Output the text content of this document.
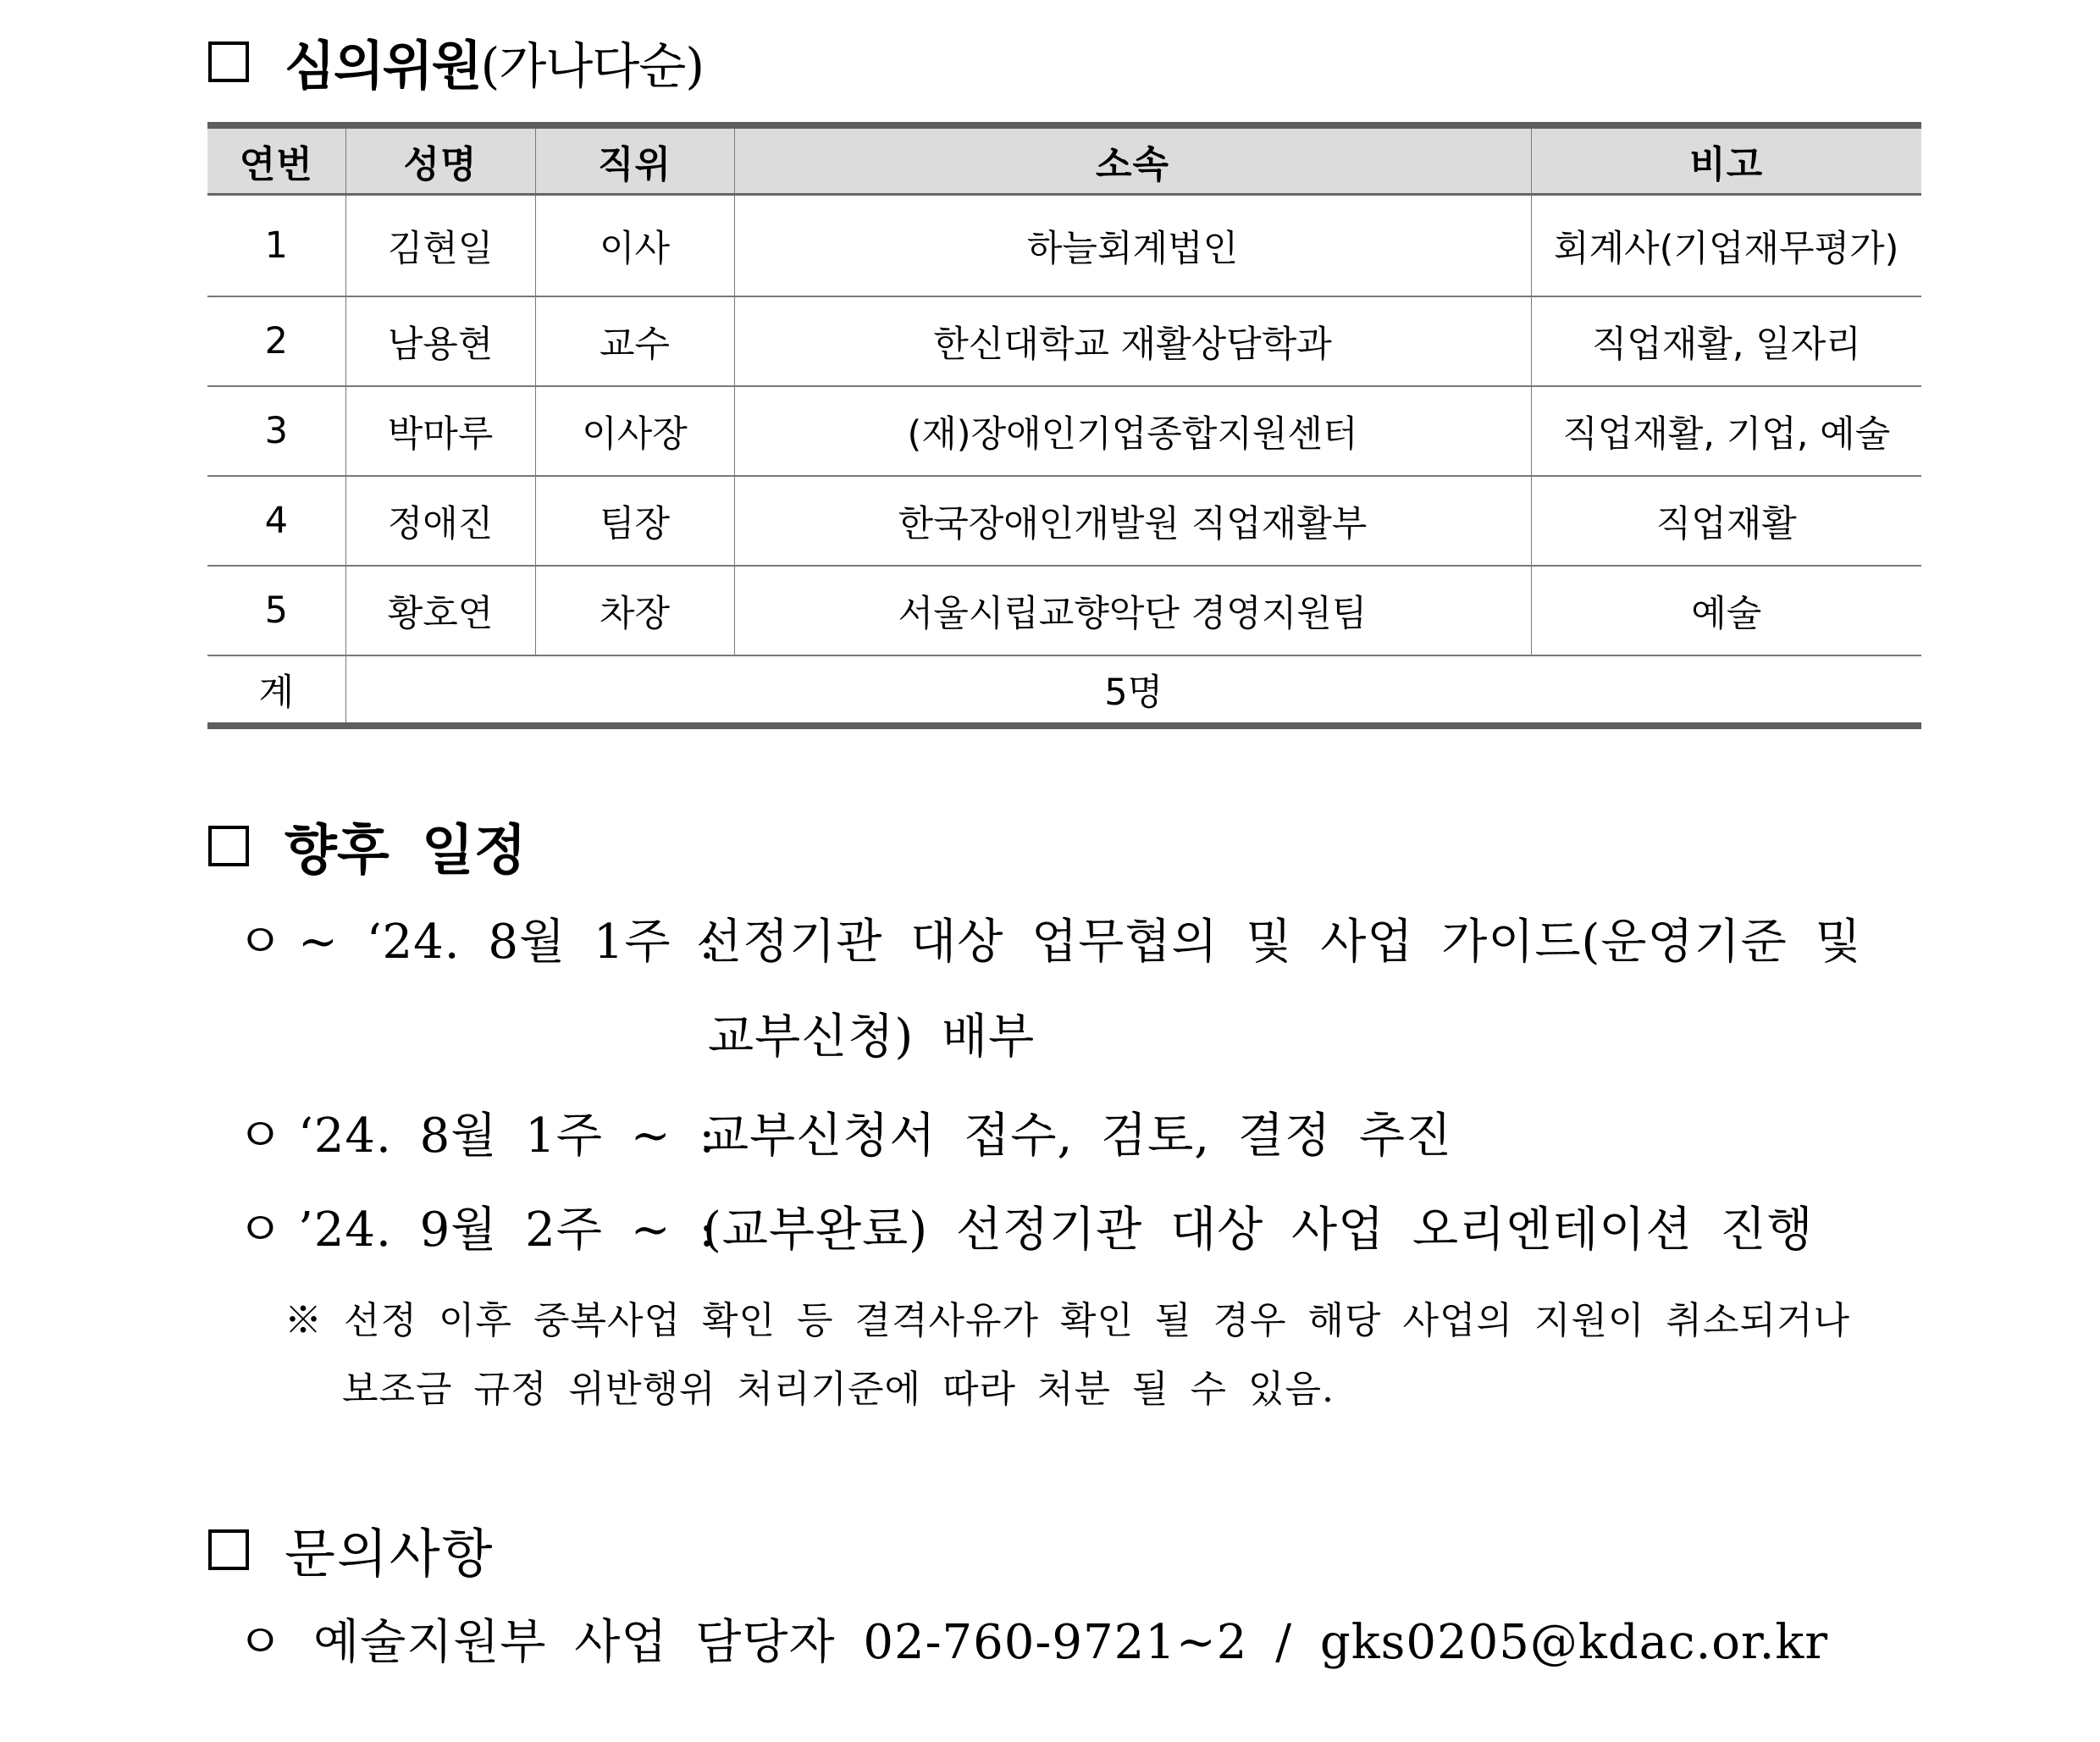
심의위원 (가나다순)
연번	성명	직위	소속	비고
1	김현일	이사	하늘회계법인	회계사(기업재무평가)
2	남용현	교수	한신대학교 재활상담학과	직업재활, 일자리
3	박마루	이사장	(재)장애인기업종합지원센터	직업재활, 기업, 예술
4	정애진	팀장	한국장애인개발원 직업재활부	직업재활
5	황호연	차장	서울시립교향악단 경영지원팀	예술
계	5명			
향후 일정
ㅇ ~ ‘24. 8월 1주 :선정기관 대상 업무협의 및 사업 가이드(운영기준 및
교부신청) 배부
ㅇ ‘24. 8월 1주 ~ :교부신청서 접수, 검토, 결정 추진
ㅇ ’24. 9월 2주 ~ :(교부완료) 선정기관 대상 사업 오리엔테이션 진행
※ 선정 이후 중복사업 확인 등 결격사유가 확인 될 경우 해당 사업의 지원이 취소되거나
보조금 규정 위반행위 처리기준에 따라 처분 될 수 있음.
문의사항
ㅇ 예술지원부 사업 담당자 02-760-9721~2 / gks0205@kdac.or.kr
